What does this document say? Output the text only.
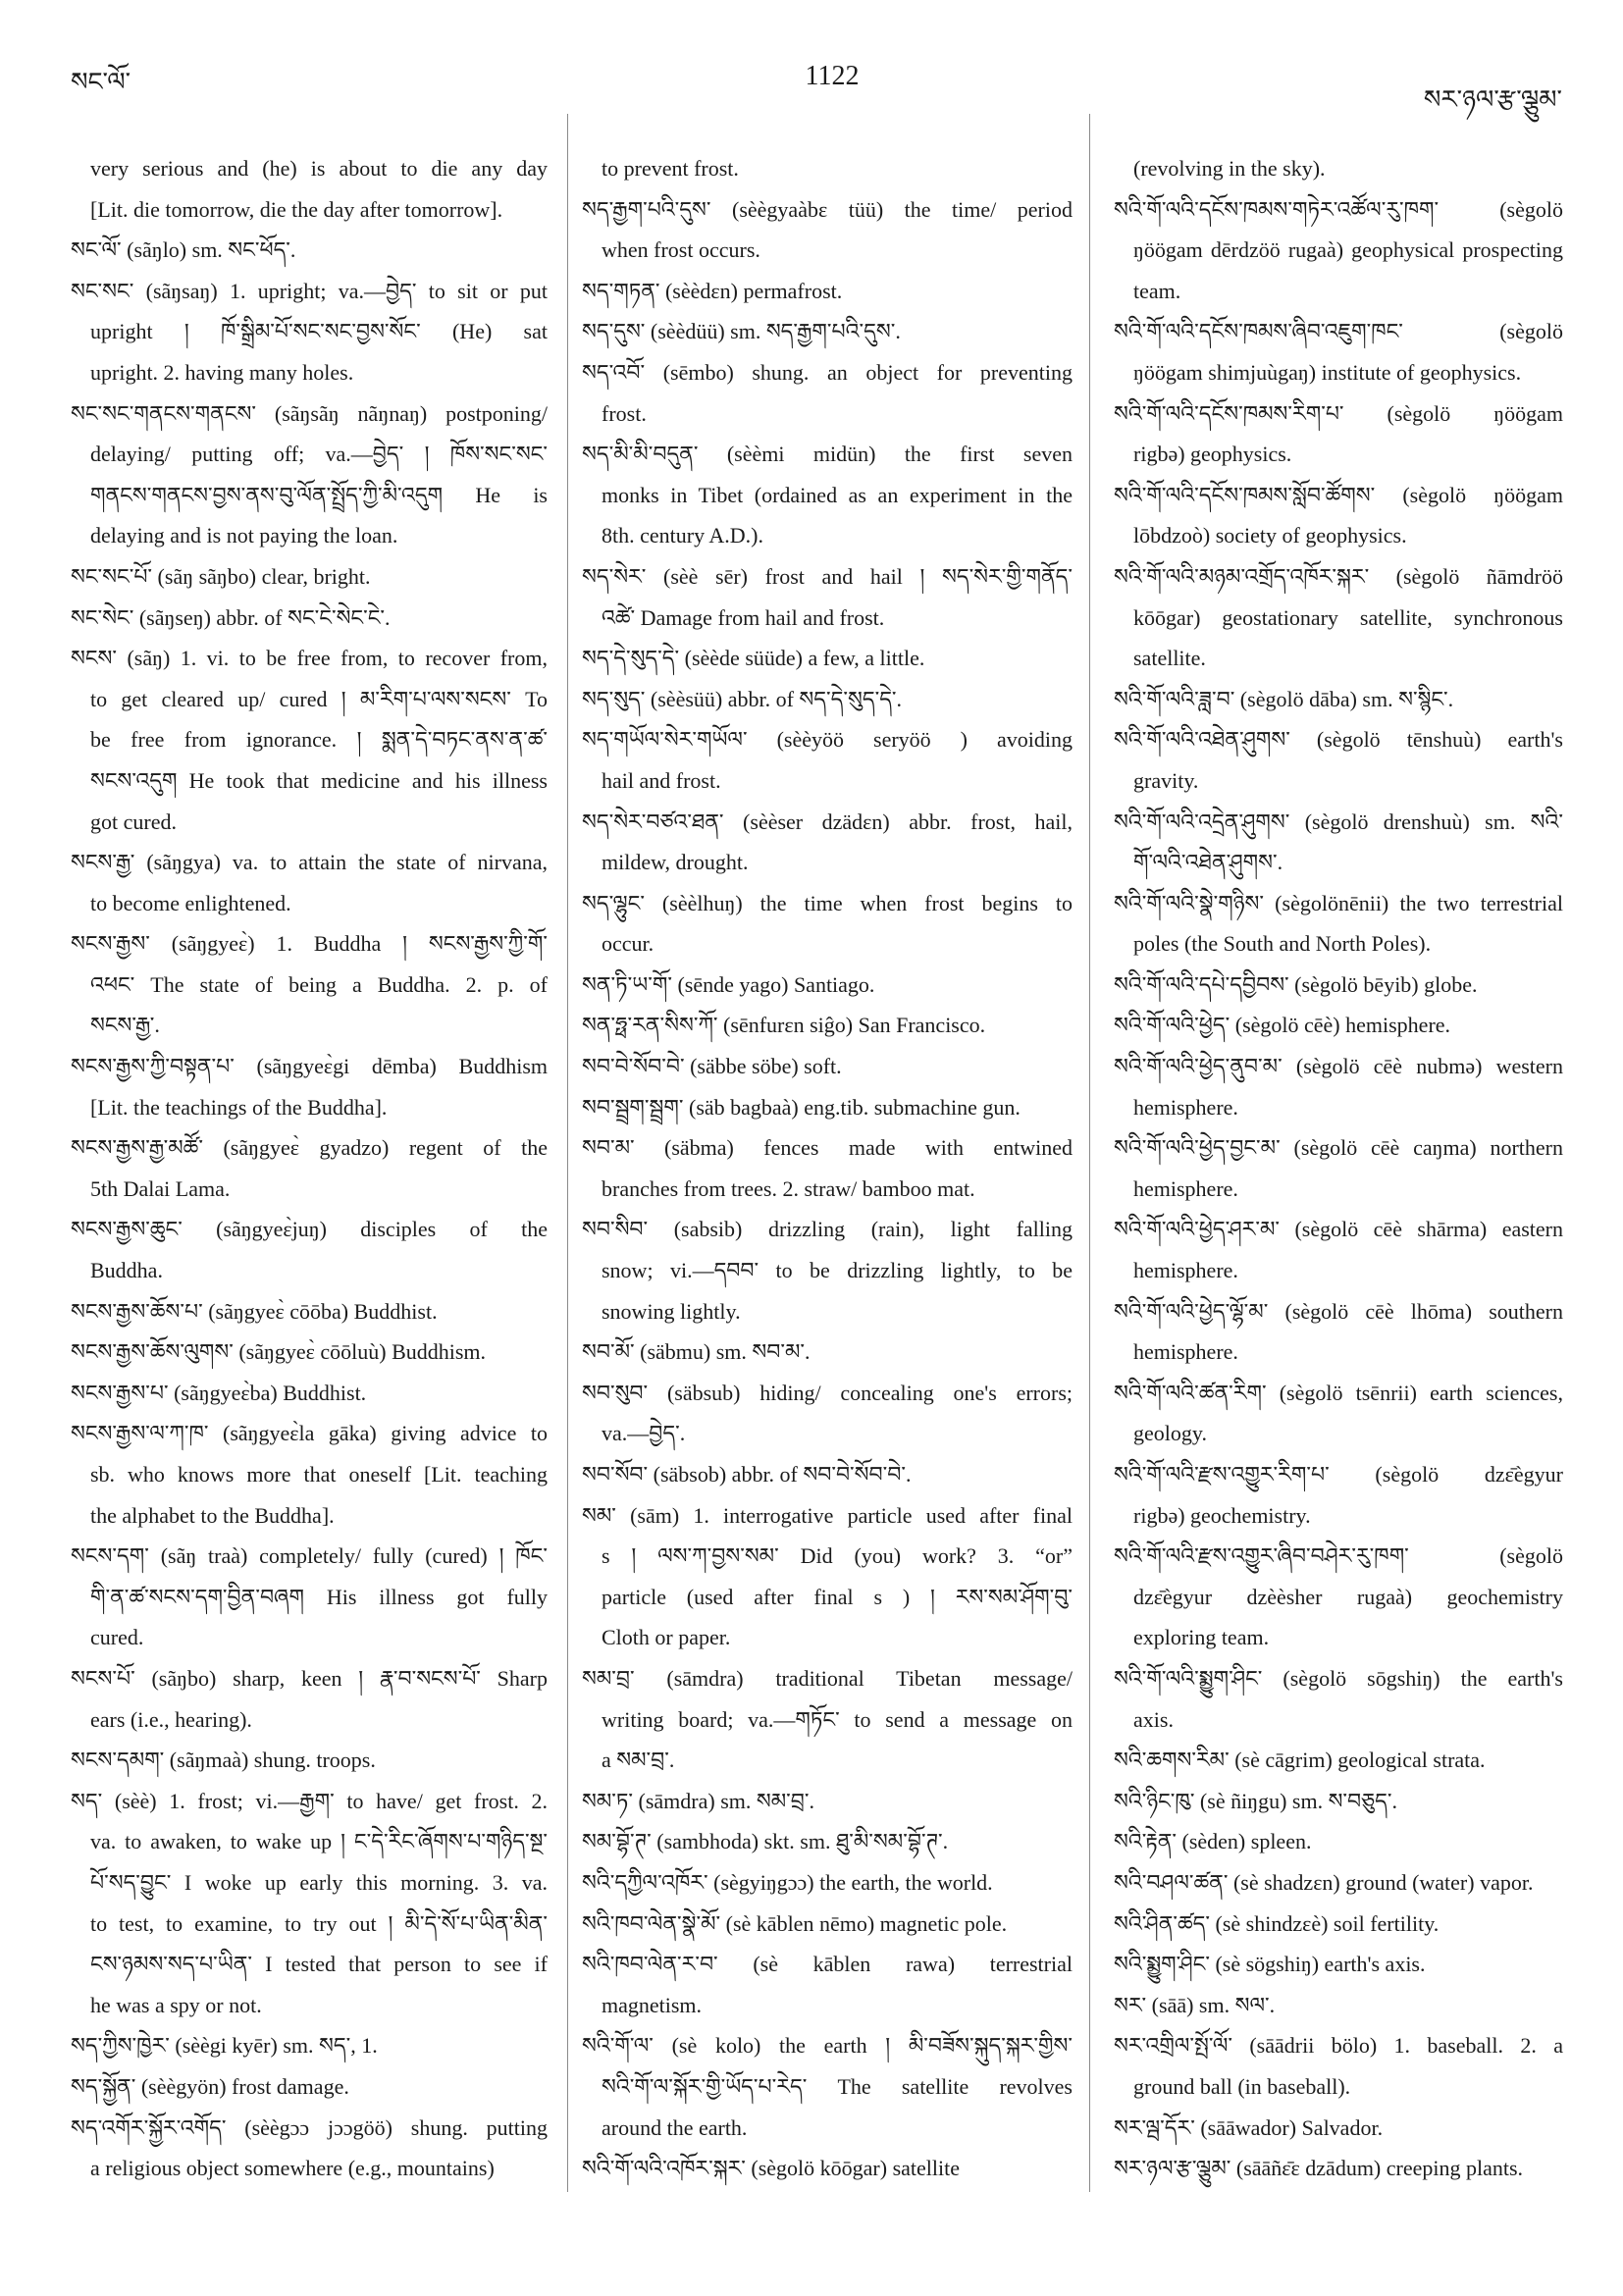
སང་ལོ་	1122
སར་ཉལ་རྩ་ལྕུམ་
very serious and (he) is about to die any day
[Lit. die tomorrow, die the day after tomorrow].
སང་ལོ་ (sãŋlo) sm. སང་ཕོད་.
སང་སང་ (sãŋsaŋ) 1. upright; va.—བྱེད་ to sit or put
upright ། ཁོ་སྒྲིམ་པོ་སང་སང་བྱས་སོང་ (He) sat
upright. 2. having many holes.
སང་སང་གནངས་གནངས་ (sãŋsãŋ nãŋnaŋ) postponing/
delaying/ putting off; va.—བྱེད་ ། ཁོས་སང་སང་
གནངས་གནངས་བྱས་ནས་བུ་ལོན་སྤྲོད་ཀྱི་མི་འདུག He is
delaying and is not paying the loan.
སང་སང་པོ་ (sãŋ sãŋbo) clear, bright.
སང་སེང་ (sãŋseŋ) abbr. of སང་ངེ་སེང་ངེ་.
སངས་ (sãŋ) 1. vi. to be free from, to recover from,
to get cleared up/ cured ། མ་རིག་པ་ལས་སངས་ To
be free from ignorance. ། སྨན་དེ་བཏང་ནས་ན་ཚ་
སངས་འདུག He took that medicine and his illness
got cured.
སངས་རྒྱ་ (sãŋgya) va. to attain the state of nirvana,
to become enlightened.
སངས་རྒྱས་ (sãŋgyeɛ̀) 1. Buddha ། སངས་རྒྱས་ཀྱི་གོ་
འཕང་ The state of being a Buddha. 2. p. of
སངས་རྒྱ་.
སངས་རྒྱས་ཀྱི་བསྟན་པ་ (sãŋgyeɛ̀gi dēmba) Buddhism
[Lit. the teachings of the Buddha].
སངས་རྒྱས་རྒྱ་མཚོ་ (sãŋgyeɛ̀ gyadzo) regent of the
5th Dalai Lama.
སངས་རྒྱས་ཆུང་ (sãŋgyeɛ̀juŋ) disciples of the
Buddha.
སངས་རྒྱས་ཆོས་པ་ (sãŋgyeɛ̀ cōōba) Buddhist.
སངས་རྒྱས་ཆོས་ལུགས་ (sãŋgyeɛ̀ cōōluù) Buddhism.
སངས་རྒྱས་པ་ (sãŋgyeɛ̀ba) Buddhist.
སངས་རྒྱས་ལ་ཀ་ཁ་ (sãŋgyeɛ̀la gāka) giving advice to
sb. who knows more that oneself [Lit. teaching
the alphabet to the Buddha].
སངས་དག་ (sãŋ traà) completely/ fully (cured) ། ཁོང་
གི་ན་ཚ་སངས་དག་བྱིན་བཞག His illness got fully
cured.
སངས་པོ་ (sãŋbo) sharp, keen ། རྣ་བ་སངས་པོ་ Sharp
ears (i.e., hearing).
སངས་དམག་ (sãŋmaà) shung. troops.
སད་ (sèè) 1. frost; vi.—རྒྱག་ to have/ get frost. 2.
va. to awaken, to wake up ། ང་དེ་རིང་ཞོགས་པ་གཉིད་སྔ་
པོ་སད་བྱུང་ I woke up early this morning. 3. va.
to test, to examine, to try out ། མི་དེ་སོ་པ་ཡིན་མིན་
ངས་ཉམས་སད་པ་ཡིན་ I tested that person to see if
he was a spy or not.
སད་ཀྱིས་ཁྱེར་ (sèègi kyēr) sm. སད་, 1.
སད་སྐྱོན་ (sèègyön) frost damage.
སད་འགོར་སྐྱོར་འགོད་ (sèègɔɔ jɔɔgöö) shung. putting
a religious object somewhere (e.g., mountains)
to prevent frost.
སད་རྒྱག་པའི་དུས་ (sèègyaàbɛ tüü) the time/ period
when frost occurs.
སད་གཏན་ (sèèdɛn) permafrost.
སད་དུས་ (sèèdüü) sm. སད་རྒྱག་པའི་དུས་.
སད་འབོ་ (sēmbo) shung. an object for preventing
frost.
སད་མི་མི་བདུན་ (sèèmi midün) the first seven
monks in Tibet (ordained as an experiment in the
8th. century A.D.).
སད་སེར་ (sèè sēr) frost and hail ། སད་སེར་གྱི་གནོད་
འཚེ་ Damage from hail and frost.
སད་དེ་སུད་དེ་ (sèède süüde) a few, a little.
སད་སུད་ (sèèsüü) abbr. of སད་དེ་སུད་དེ་.
སད་གཡོལ་སེར་གཡོལ་ (sèèyöö seryöö ) avoiding
hail and frost.
སད་སེར་བཙའ་ཐན་ (sèèser dzädɛn) abbr. frost, hail,
mildew, drought.
སད་ལྷུང་ (sèèlhuŋ) the time when frost begins to
occur.
སན་ཏི་ཡ་གོ་ (sēnde yago) Santiago.
སན་ཧྥ་རན་སིས་ཀོ་ (sēnfurɛn siĝo) San Francisco.
སབ་བེ་སོབ་བེ་ (säbbe söbe) soft.
སབ་སྦྲག་སྦྲག་ (säb bagbaà) eng.tib. submachine gun.
སབ་མ་ (säbma) fences made with entwined
branches from trees. 2. straw/ bamboo mat.
སབ་སིབ་ (sabsib) drizzling (rain), light falling
snow; vi.—དབབ་ to be drizzling lightly, to be
snowing lightly.
སབ་མོ་ (säbmu) sm. སབ་མ་.
སབ་སུབ་ (säbsub) hiding/ concealing one's errors;
va.—བྱེད་.
སབ་སོབ་ (säbsob) abbr. of སབ་བེ་སོབ་བེ་.
སམ་ (sām) 1. interrogative particle used after final
s ། ལས་ཀ་བྱས་སམ་ Did (you) work? 3. “or”
particle (used after final s ) ། རས་སམ་ཤོག་བུ་
Cloth or paper.
སམ་བྲ་ (sāmdra) traditional Tibetan message/
writing board; va.—གཏོང་ to send a message on
a སམ་བྲ་.
སམ་ཏ་ (sāmdra) sm. སམ་བྲ་.
སམ་བྷོ་ཊ་ (sambhoda) skt. sm. ཐུ་མི་སམ་བྷོ་ཊ་.
སའི་དཀྱིལ་འཁོར་ (sègyiŋgɔɔ) the earth, the world.
སའི་ཁབ་ལེན་སྣེ་མོ་ (sè kāblen nēmo) magnetic pole.
སའི་ཁབ་ལེན་ར་བ་ (sè kāblen rawa) terrestrial
magnetism.
སའི་གོ་ལ་ (sè kolo) the earth ། མི་བཟོས་སྐུད་སྐར་གྱིས་
སའི་གོ་ལ་སྐོར་གྱི་ཡོད་པ་རེད་ The satellite revolves
around the earth.
སའི་གོ་ལའི་འཁོར་སྐར་ (sègolö kōōgar) satellite
(revolving in the sky).
སའི་གོ་ལའི་དངོས་ཁམས་གཏེར་འཚོལ་རུ་ཁག་ (sègolö
ŋöögam dērdzöö rugaà) geophysical prospecting
team.
སའི་གོ་ལའི་དངོས་ཁམས་ཞིབ་འཇུག་ཁང་ (sègolö
ŋöögam shimjuùgaŋ) institute of geophysics.
སའི་གོ་ལའི་དངོས་ཁམས་རིག་པ་ (sègolö ŋöögam
rigbə) geophysics.
སའི་གོ་ལའི་དངོས་ཁམས་སློབ་ཚོགས་ (sègolö ŋöögam
lōbdzoò) society of geophysics.
སའི་གོ་ལའི་མཉམ་འགྲོད་འཁོར་སྐར་ (sègolö ñāmdröö
kōōgar) geostationary satellite, synchronous
satellite.
སའི་གོ་ལའི་ཟླ་བ་ (sègolö dāba) sm. ས་སྙིང་.
སའི་གོ་ལའི་འཐེན་ཤུགས་ (sègolö tēnshuù) earth's
gravity.
སའི་གོ་ལའི་འདྲེན་ཤུགས་ (sègolö drenshuù) sm. སའི་
གོ་ལའི་འཐེན་ཤུགས་.
སའི་གོ་ལའི་སྣེ་གཉིས་ (sègolönēnii) the two terrestrial
poles (the South and North Poles).
སའི་གོ་ལའི་དཔེ་དབྱིབས་ (sègolö bēyib) globe.
སའི་གོ་ལའི་ཕྱེད་ (sègolö cēè) hemisphere.
སའི་གོ་ལའི་ཕྱེད་ནུབ་མ་ (sègolö cēè nubmə) western
hemisphere.
སའི་གོ་ལའི་ཕྱེད་བྱང་མ་ (sègolö cēè caŋma) northern
hemisphere.
སའི་གོ་ལའི་ཕྱེད་ཤར་མ་ (sègolö cēè shārma) eastern
hemisphere.
སའི་གོ་ལའི་ཕྱེད་ལྷོ་མ་ (sègolö cēè lhōma) southern
hemisphere.
སའི་གོ་ལའི་ཚན་རིག་ (sègolö tsēnrii) earth sciences,
geology.
སའི་གོ་ལའི་རྫས་འགྱུར་རིག་པ་ (sègolö dzɛ̄ègyur
rigbə) geochemistry.
སའི་གོ་ལའི་རྫས་འགྱུར་ཞིབ་བཤེར་རུ་ཁག་ (sègolö
dzɛ̄ègyur dzèèsher rugaà) geochemistry
exploring team.
སའི་གོ་ལའི་སྨྱུག་ཤིང་ (sègolö sōgshiŋ) the earth's
axis.
སའི་ཆགས་རིམ་ (sè cāgrim) geological strata.
སའི་ཉིང་ཁུ་ (sè ñiŋgu) sm. ས་བཅུད་.
སའི་རྟེན་ (sèden) spleen.
སའི་བཤལ་ཚན་ (sè shadzɛn) ground (water) vapor.
སའི་ཤིན་ཚད་ (sè shindzɛè) soil fertility.
སའི་སྨྱུག་ཤིང་ (sè sögshiŋ) earth's axis.
སར་ (sāā) sm. སལ་.
སར་འགྲིལ་སྤོ་ལོ་ (sāādrii bölo) 1. baseball. 2. a
ground ball (in baseball).
སར་ལྦ་དོར་ (sāāwador) Salvador.
སར་ཉལ་རྩ་ལྕུམ་ (sāāñɛ̄ɛ dzādum) creeping plants.
